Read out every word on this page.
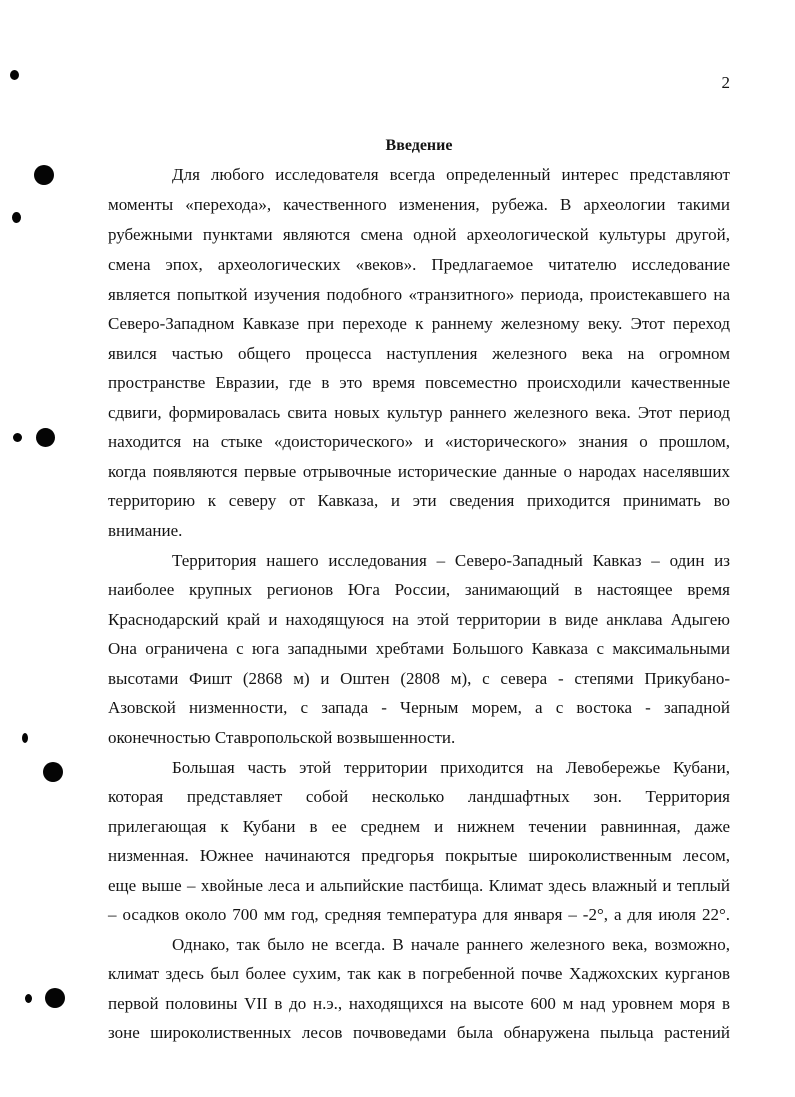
2
Введение
Для любого исследователя всегда определенный интерес представляют
моменты «перехода», качественного изменения, рубежа. В археологии такими
рубежными пунктами являются смена одной археологической культуры другой,
смена эпох, археологических «веков». Предлагаемое читателю исследование
является попыткой изучения подобного «транзитного» периода, проистекавшего на
Северо-Западном Кавказе при переходе к раннему железному веку. Этот переход
явился частью общего процесса наступления железного века на огромном
пространстве Евразии, где в это время повсеместно происходили качественные
сдвиги, формировалась свита новых культур раннего железного века. Этот период
находится на стыке «доисторического» и «исторического» знания о прошлом,
когда появляются первые отрывочные исторические данные о народах населявших
территорию к северу от Кавказа, и эти сведения приходится принимать во
внимание.
Территория нашего исследования – Северо-Западный Кавказ – один из
наиболее крупных регионов Юга России, занимающий в настоящее время
Краснодарский край и находящуюся на этой территории в виде анклава Адыгею
Она ограничена с юга западными хребтами Большого Кавказа с максимальными
высотами Фишт (2868 м) и Оштен (2808 м), с севера - степями Прикубано-
Азовской низменности, с запада - Черным морем, а с востока - западной
оконечностью Ставропольской возвышенности.
Большая часть этой территории приходится на Левобережье Кубани,
которая представляет собой несколько ландшафтных зон. Территория
прилегающая к Кубани в ее среднем и нижнем течении равнинная, даже
низменная. Южнее начинаются предгорья покрытые широколиственным лесом,
еще выше – хвойные леса и альпийские пастбища. Климат здесь влажный и теплый
– осадков около 700 мм год, средняя температура для января – -2°, а для июля 22°.
Однако, так было не всегда. В начале раннего железного века, возможно,
климат здесь был более сухим, так как в погребенной почве Хаджохских курганов
первой половины VII в до н.э., находящихся на высоте 600 м над уровнем моря в
зоне широколиственных лесов почвоведами была обнаружена пыльца растений
